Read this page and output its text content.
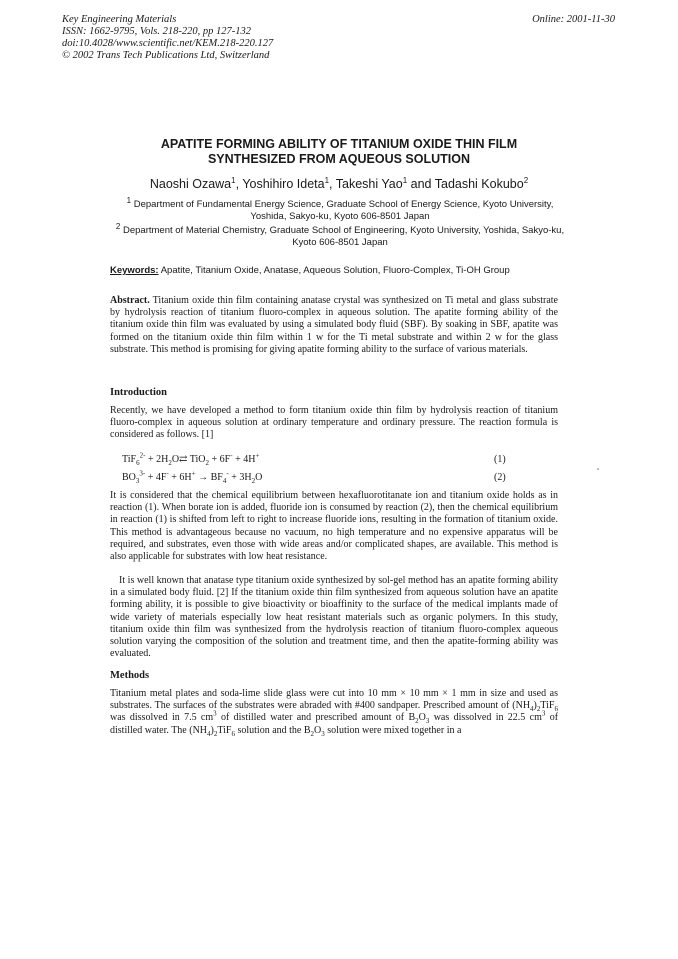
Key Engineering Materials
ISSN: 1662-9795, Vols. 218-220, pp 127-132
doi:10.4028/www.scientific.net/KEM.218-220.127
© 2002 Trans Tech Publications Ltd, Switzerland
Online: 2001-11-30
APATITE FORMING ABILITY OF TITANIUM OXIDE THIN FILM
SYNTHESIZED FROM AQUEOUS SOLUTION
Naoshi Ozawa$^1$, Yoshihiro Ideta$^1$, Takeshi Yao$^1$ and Tadashi Kokubo$^2$
$^1$ Department of Fundamental Energy Science, Graduate School of Energy Science, Kyoto University, Yoshida, Sakyo-ku, Kyoto 606-8501 Japan
$^2$ Department of Material Chemistry, Graduate School of Engineering, Kyoto University, Yoshida, Sakyo-ku, Kyoto 606-8501 Japan
Keywords: Apatite, Titanium Oxide, Anatase, Aqueous Solution, Fluoro-Complex, Ti-OH Group
Abstract. Titanium oxide thin film containing anatase crystal was synthesized on Ti metal and glass substrate by hydrolysis reaction of titanium fluoro-complex in aqueous solution. The apatite forming ability of the titanium oxide thin film was evaluated by using a simulated body fluid (SBF). By soaking in SBF, apatite was formed on the titanium oxide thin film within 1 w for the Ti metal substrate and within 2 w for the glass substrate. This method is promising for giving apatite forming ability to the surface of various materials.
Introduction
Recently, we have developed a method to form titanium oxide thin film by hydrolysis reaction of titanium fluoro-complex in aqueous solution at ordinary temperature and ordinary pressure. The reaction formula is considered as follows. [1]
$TiF_6^{2-} + 2H_2O⇄$ TiO$_2$ + 6F- + 4H+	(1)
$BO_3^{3-} + 4F^- + 6H^+ \to BF_4^- + 3H_2O$	(2)
It is considered that the chemical equilibrium between hexafluorotitanate ion and titanium oxide holds as in reaction (1). When borate ion is added, fluoride ion is consumed by reaction (2), then the chemical equilibrium in reaction (1) is shifted from left to right to increase fluoride ions, resulting in the formation of titanium oxide. This method is advantageous because no vacuum, no high temperature and no expensive apparatus will be required, and substrates, even those with wide areas and/or complicated shapes, are available. This method is also applicable for substrates with low heat resistance.
It is well known that anatase type titanium oxide synthesized by sol-gel method has an apatite forming ability in a simulated body fluid. [2] If the titanium oxide thin film synthesized from aqueous solution have an apatite forming ability, it is possible to give bioactivity or bioaffinity to the surface of the medical implants made of wide variety of materials especially low heat resistant materials such as organic polymers. In this study, titanium oxide thin film was synthesized from the hydrolysis reaction of titanium fluoro-complex aqueous solution varying the composition of the solution and treatment time, and then the apatite-forming ability was evaluated.
Methods
Titanium metal plates and soda-lime slide glass were cut into 10 mm × 10 mm × 1 mm in size and used as substrates. The surfaces of the substrates were abraded with #400 sandpaper. Prescribed amount of $(NH_4)_2TiF_6$ was dissolved in 7.5 $cm^3$ of distilled water and prescribed amount of $B_2O_3$ was dissolved in 22.5 $cm^3$ of distilled water. The $(NH_4)_2TiF_6$ solution and the $B_2O_3$ solution were mixed together in a
